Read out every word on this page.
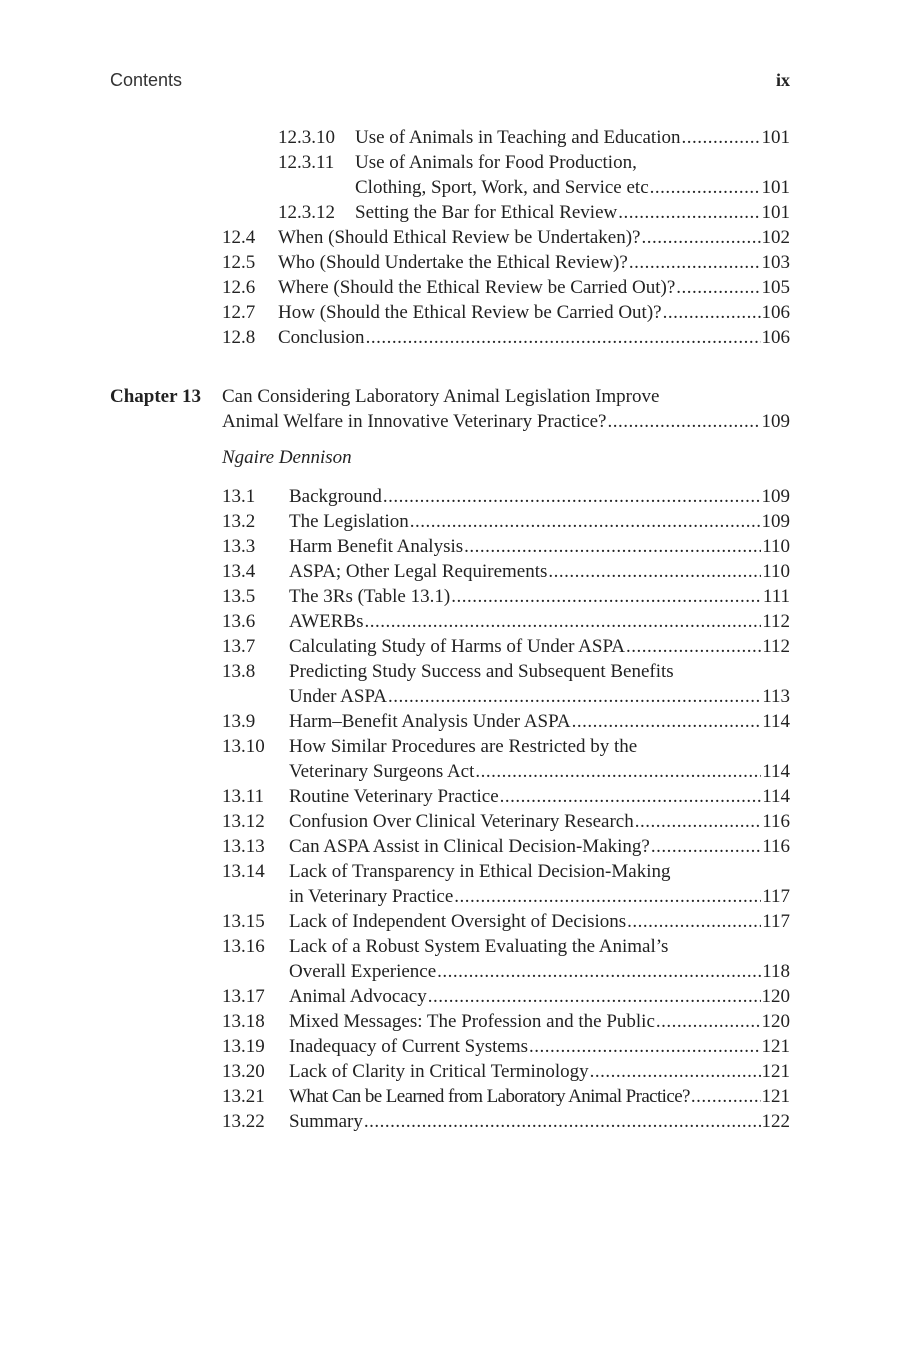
Contents	ix
12.3.10 Use of Animals in Teaching and Education .....	101
12.3.11 Use of Animals for Food Production,
Clothing, Sport, Work, and Service etc .....	101
12.3.12 Setting the Bar for Ethical Review .....	101
12.4 When (Should Ethical Review be Undertaken)? .....	102
12.5 Who (Should Undertake the Ethical Review)? .....	103
12.6 Where (Should the Ethical Review be Carried Out)? .....	105
12.7 How (Should the Ethical Review be Carried Out)? .....	106
12.8 Conclusion .....	106
Chapter 13 Can Considering Laboratory Animal Legislation Improve
Animal Welfare in Innovative Veterinary Practice? .....	109
Ngaire Dennison
13.1 Background .....	109
13.2 The Legislation .....	109
13.3 Harm Benefit Analysis .....	110
13.4 ASPA; Other Legal Requirements .....	110
13.5 The 3Rs (Table 13.1) .....	111
13.6 AWERBs .....	112
13.7 Calculating Study of Harms of Under ASPA .....	112
13.8 Predicting Study Success and Subsequent Benefits
Under ASPA .....	113
13.9 Harm–Benefit Analysis Under ASPA .....	114
13.10 How Similar Procedures are Restricted by the
Veterinary Surgeons Act .....	114
13.11 Routine Veterinary Practice .....	114
13.12 Confusion Over Clinical Veterinary Research .....	116
13.13 Can ASPA Assist in Clinical Decision-Making? .....	116
13.14 Lack of Transparency in Ethical Decision-Making
in Veterinary Practice .....	117
13.15 Lack of Independent Oversight of Decisions .....	117
13.16 Lack of a Robust System Evaluating the Animal’s
Overall Experience .....	118
13.17 Animal Advocacy .....	120
13.18 Mixed Messages: The Profession and the Public .....	120
13.19 Inadequacy of Current Systems .....	121
13.20 Lack of Clarity in Critical Terminology .....	121
13.21 What Can be Learned from Laboratory Animal Practice? .....	121
13.22 Summary .....	122
